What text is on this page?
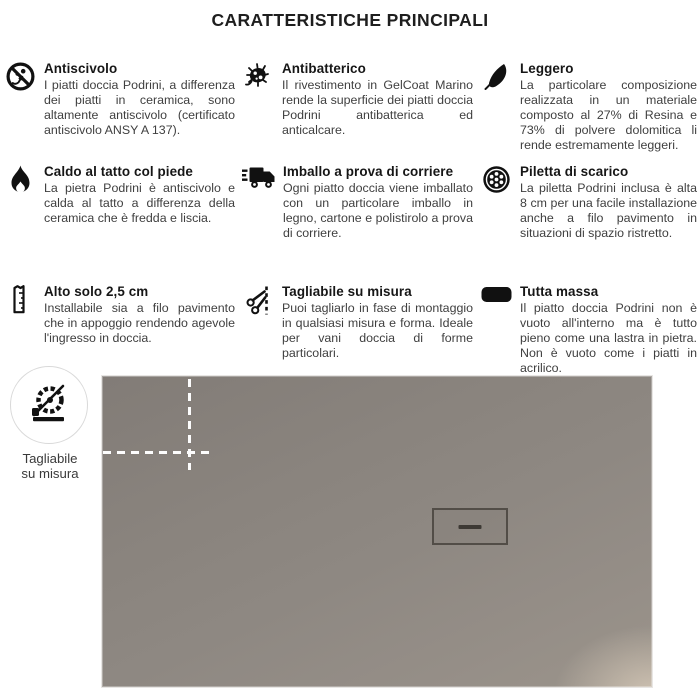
CARATTERISTICHE PRINCIPALI
Antiscivolo

I piatti doccia Podrini, a differenza dei piatti in ceramica, sono altamente antiscivolo (certificato antiscivolo ANSY A 137).

Antibatterico

Il rivestimento in GelCoat Marino rende la superficie dei piatti doccia Podrini antibatterica ed anticalcare.

Leggero

La particolare composizione realizzata in un materiale composto al 27% di Resina e 73% di polvere dolomitica li rende estremamente leggeri.

Caldo al tatto col piede

La pietra Podrini è antiscivolo e calda al tatto a differenza della ceramica che è fredda e liscia.

Imballo a prova di corriere

Ogni piatto doccia viene imballato con un particolare imballo in legno, cartone e polistirolo a prova di corriere.

Piletta di scarico

La piletta Podrini inclusa è alta 8 cm per una facile installazione anche a filo pavimento in situazioni di spazio ristretto.

Alto solo 2,5 cm

Installabile sia a filo pavimento che in appoggio rendendo agevole l'ingresso in doccia.

Tagliabile su misura

Puoi tagliarlo in fase di montaggio in qualsiasi misura e forma. Ideale per vani doccia di forme particolari.

Tutta massa

Il piatto doccia Podrini non è vuoto all'interno ma è tutto pieno come una lastra in pietra. Non è vuoto come i piatti in acrilico.

Tagliabile
su misura
